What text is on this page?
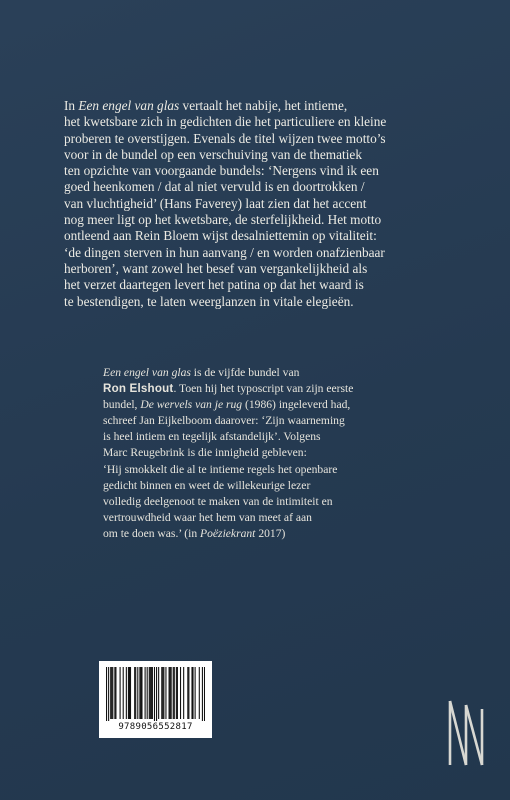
In Een engel van glas vertaalt het nabije, het intieme,
het kwetsbare zich in gedichten die het particuliere en kleine
proberen te overstijgen. Evenals de titel wijzen twee motto’s
voor in de bundel op een verschuiving van de thematiek
ten opzichte van voorgaande bundels: ‘Nergens vind ik een
goed heenkomen / dat al niet vervuld is en doortrokken /
van vluchtigheid’ (Hans Faverey) laat zien dat het accent
nog meer ligt op het kwetsbare, de sterfelijkheid. Het motto
ontleend aan Rein Bloem wijst desalniettemin op vitaliteit:
‘de dingen sterven in hun aanvang / en worden onafzienbaar
herboren’, want zowel het besef van vergankelijkheid als
het verzet daartegen levert het patina op dat het waard is
te bestendigen, te laten weerglanzen in vitale elegieën.
Een engel van glas is de vijfde bundel van
Ron Elshout. Toen hij het typoscript van zijn eerste
bundel, De wervels van je rug (1986) ingeleverd had,
schreef Jan Eijkelboom daarover: ‘Zijn waarneming
is heel intiem en tegelijk afstandelijk’. Volgens
Marc Reugebrink is die innigheid gebleven:
‘Hij smokkelt die al te intieme regels het openbare
gedicht binnen en weet de willekeurige lezer
volledig deelgenoot te maken van de intimiteit en
vertrouwdheid waar het hem van meet af aan
om te doen was.’ (in Poëziekrant 2017)
9789056552817
